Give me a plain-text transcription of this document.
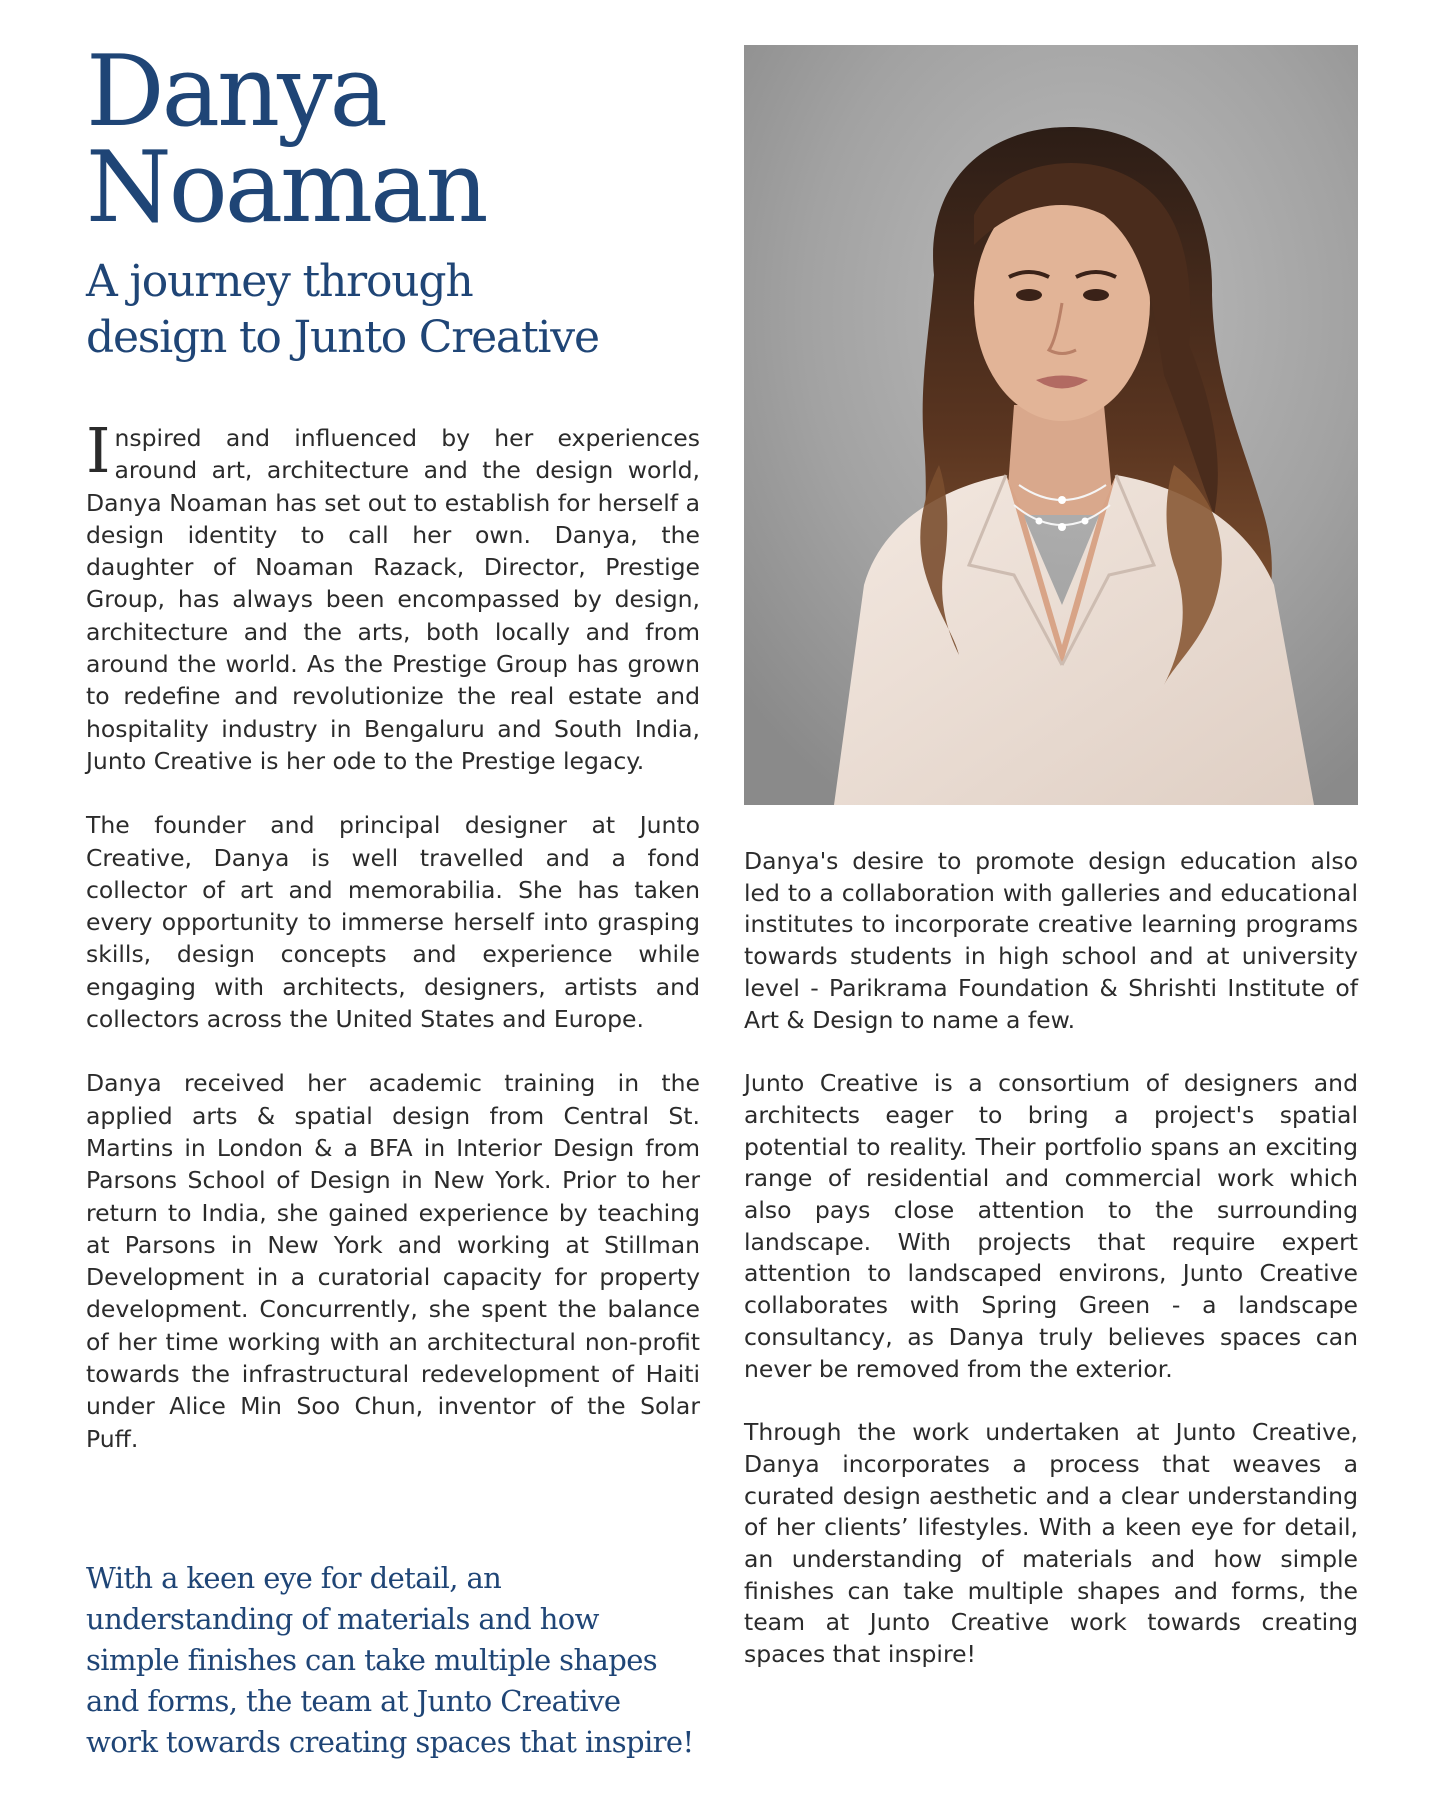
Danya
Noaman
A journey through
design to Junto Creative

Inspired and influenced by her experiences around art, architecture and the design world, Danya Noaman has set out to establish for herself a design identity to call her own. Danya, the daughter of Noaman Razack, Director, Prestige Group, has always been encompassed by design, architecture and the arts, both locally and from around the world. As the Prestige Group has grown to redefine and revolutionize the real estate and hospitality industry in Bengaluru and South India, Junto Creative is her ode to the Prestige legacy.

The founder and principal designer at Junto Creative, Danya is well travelled and a fond collector of art and memorabilia. She has taken every opportunity to immerse herself into grasping skills, design concepts and experience while engaging with architects, designers, artists and collectors across the United States and Europe.

Danya received her academic training in the applied arts & spatial design from Central St. Martins in London & a BFA in Interior Design from Parsons School of Design in New York. Prior to her return to India, she gained experience by teaching at Parsons in New York and working at Stillman Development in a curatorial capacity for property development. Concurrently, she spent the balance of her time working with an architectural non-profit towards the infrastructural redevelopment of Haiti under Alice Min Soo Chun, inventor of the Solar Puff.

With a keen eye for detail, an
understanding of materials and how
simple finishes can take multiple shapes
and forms, the team at Junto Creative
work towards creating spaces that inspire!

Danya's desire to promote design education also led to a collaboration with galleries and educational institutes to incorporate creative learning programs towards students in high school and at university level - Parikrama Foundation & Shrishti Institute of Art & Design to name a few.

Junto Creative is a consortium of designers and architects eager to bring a project's spatial potential to reality. Their portfolio spans an exciting range of residential and commercial work which also pays close attention to the surrounding landscape. With projects that require expert attention to landscaped environs, Junto Creative collaborates with Spring Green - a landscape consultancy, as Danya truly believes spaces can never be removed from the exterior.

Through the work undertaken at Junto Creative, Danya incorporates a process that weaves a curated design aesthetic and a clear understanding of her clients’ lifestyles. With a keen eye for detail, an understanding of materials and how simple finishes can take multiple shapes and forms, the team at Junto Creative work towards creating spaces that inspire!
